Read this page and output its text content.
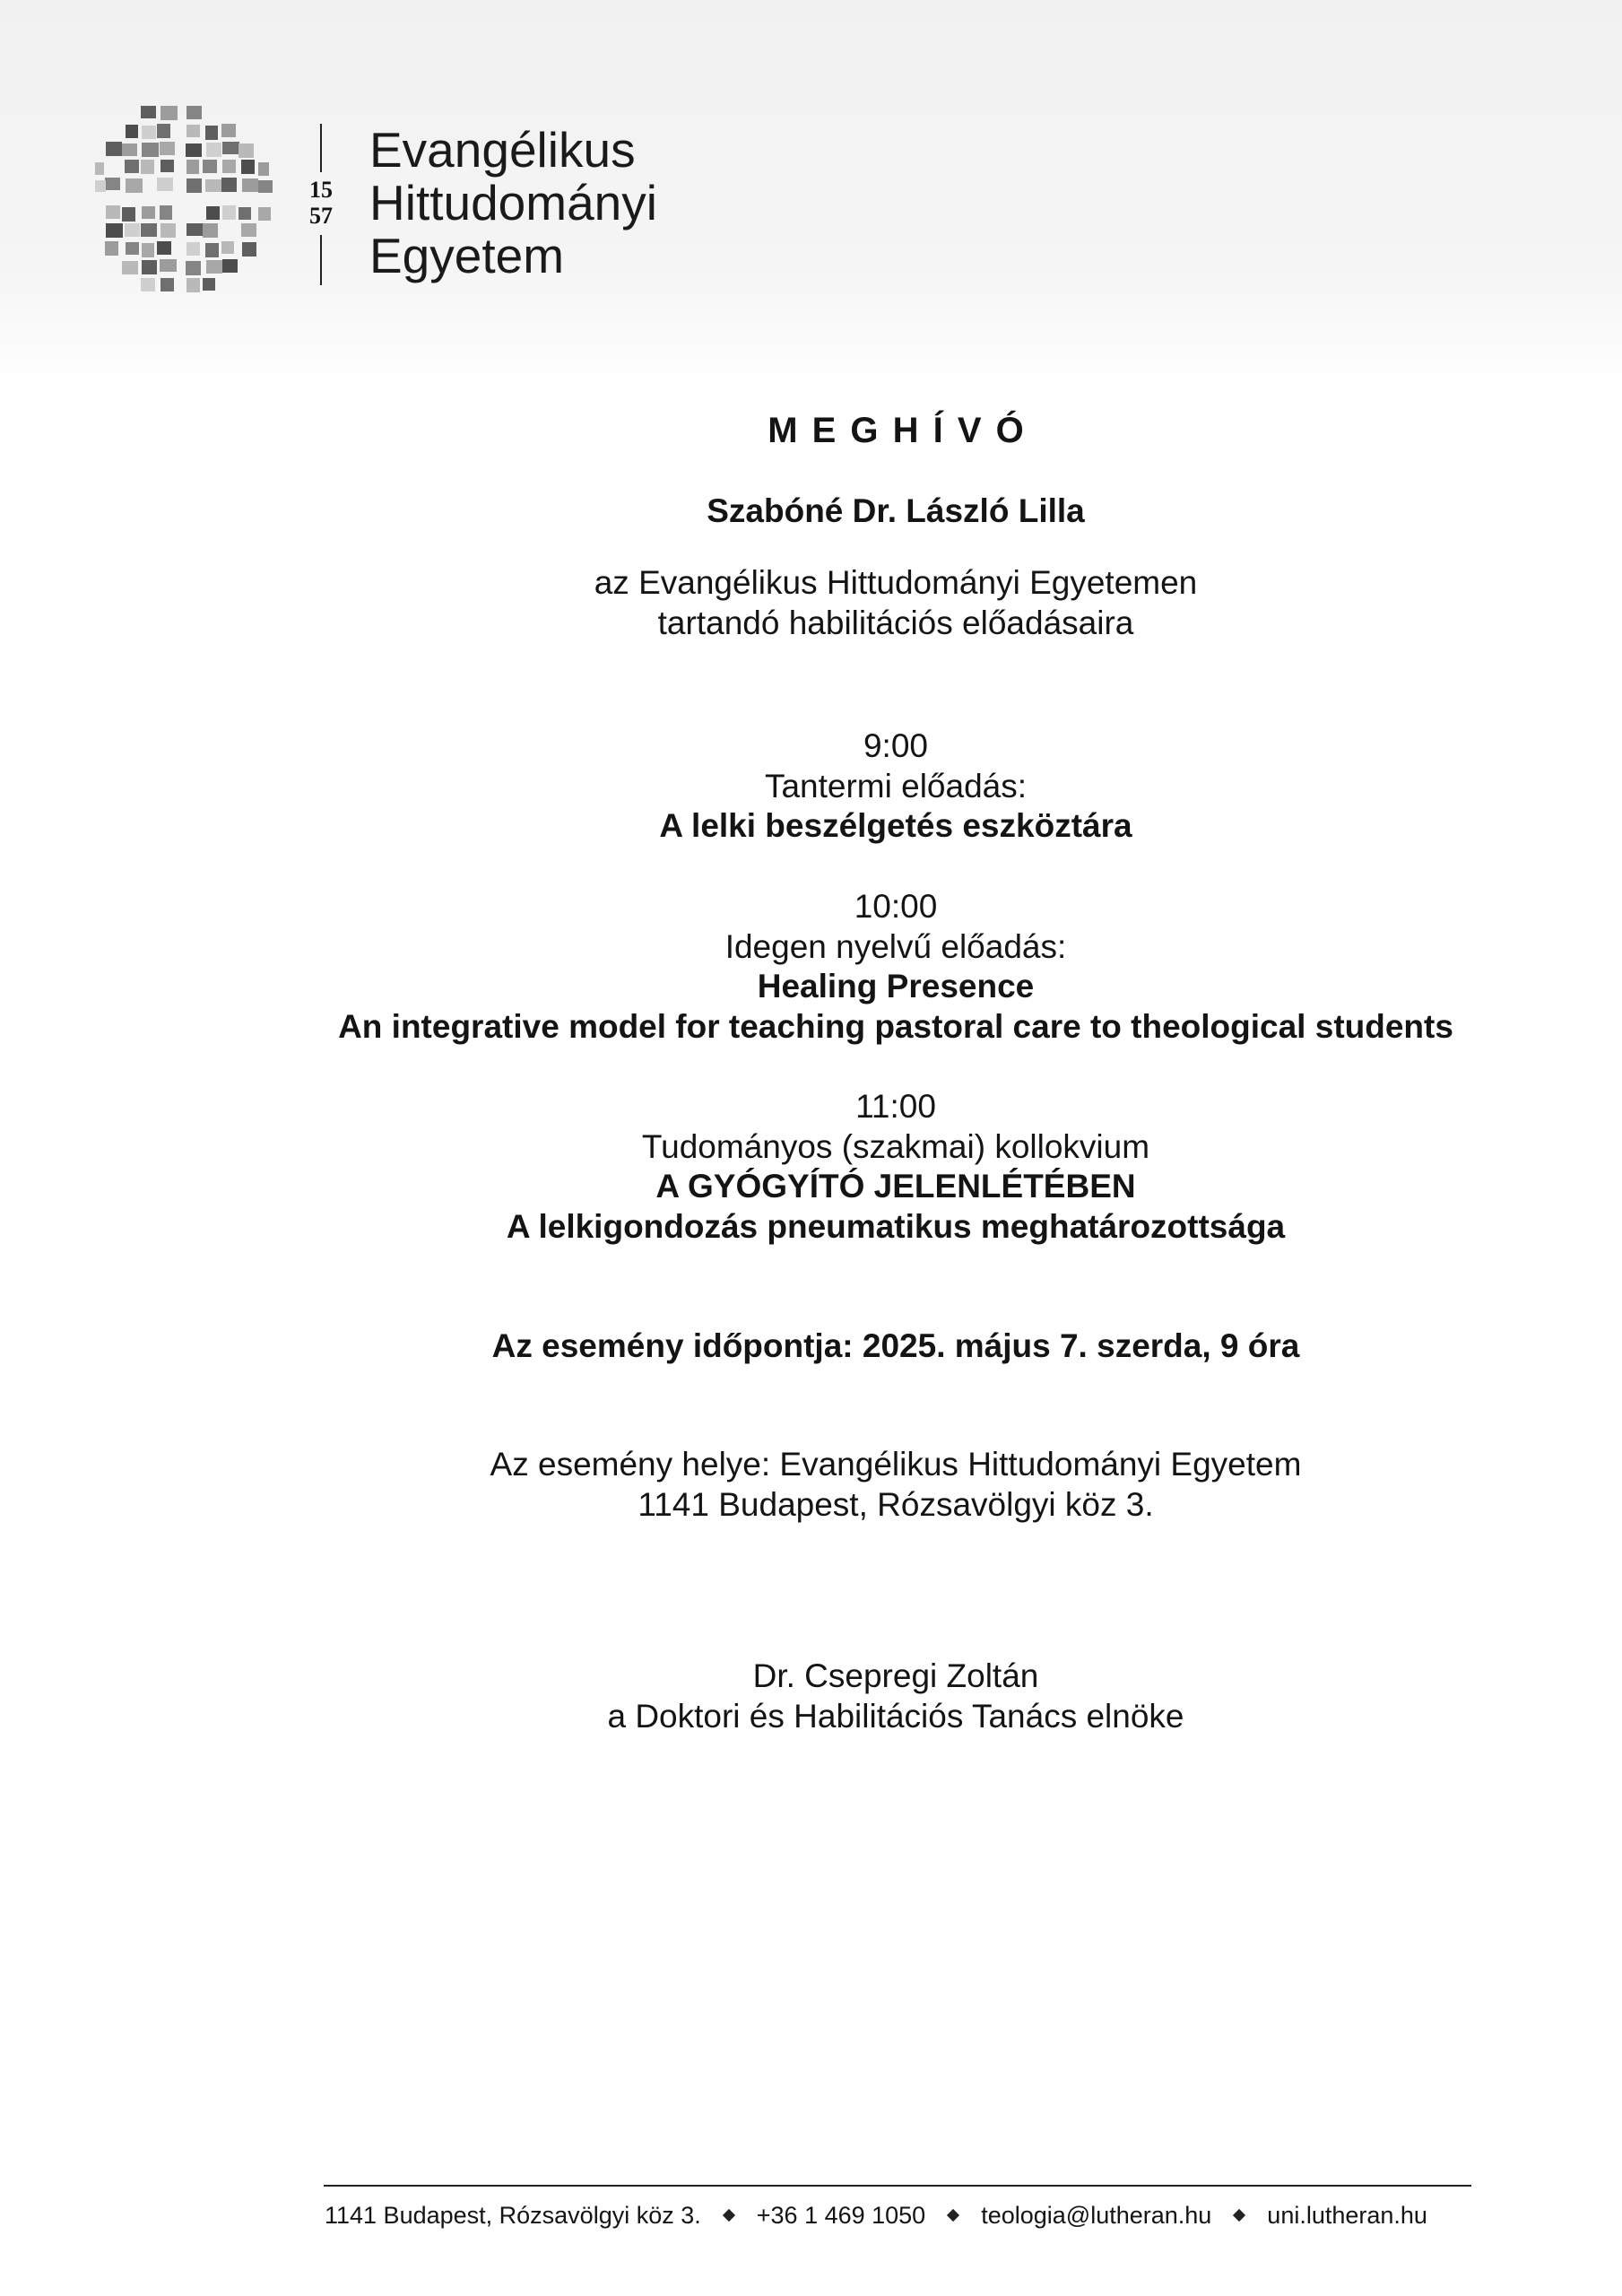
15
57
Evangélikus
Hittudományi
Egyetem
M E G H Í V Ó
Szabóné Dr. László Lilla
az Evangélikus Hittudományi Egyetemen
tartandó habilitációs előadásaira
9:00
Tantermi előadás:
A lelki beszélgetés eszköztára
10:00
Idegen nyelvű előadás:
Healing Presence
An integrative model for teaching pastoral care to theological students
11:00
Tudományos (szakmai) kollokvium
A GYÓGYÍTÓ JELENLÉTÉBEN
A lelkigondozás pneumatikus meghatározottsága
Az esemény időpontja: 2025. május 7. szerda, 9 óra
Az esemény helye: Evangélikus Hittudományi Egyetem
1141 Budapest, Rózsavölgyi köz 3.
Dr. Csepregi Zoltán
a Doktori és Habilitációs Tanács elnöke
1141 Budapest, Rózsavölgyi köz 3. +36 1 469 1050 teologia@lutheran.hu uni.lutheran.hu
